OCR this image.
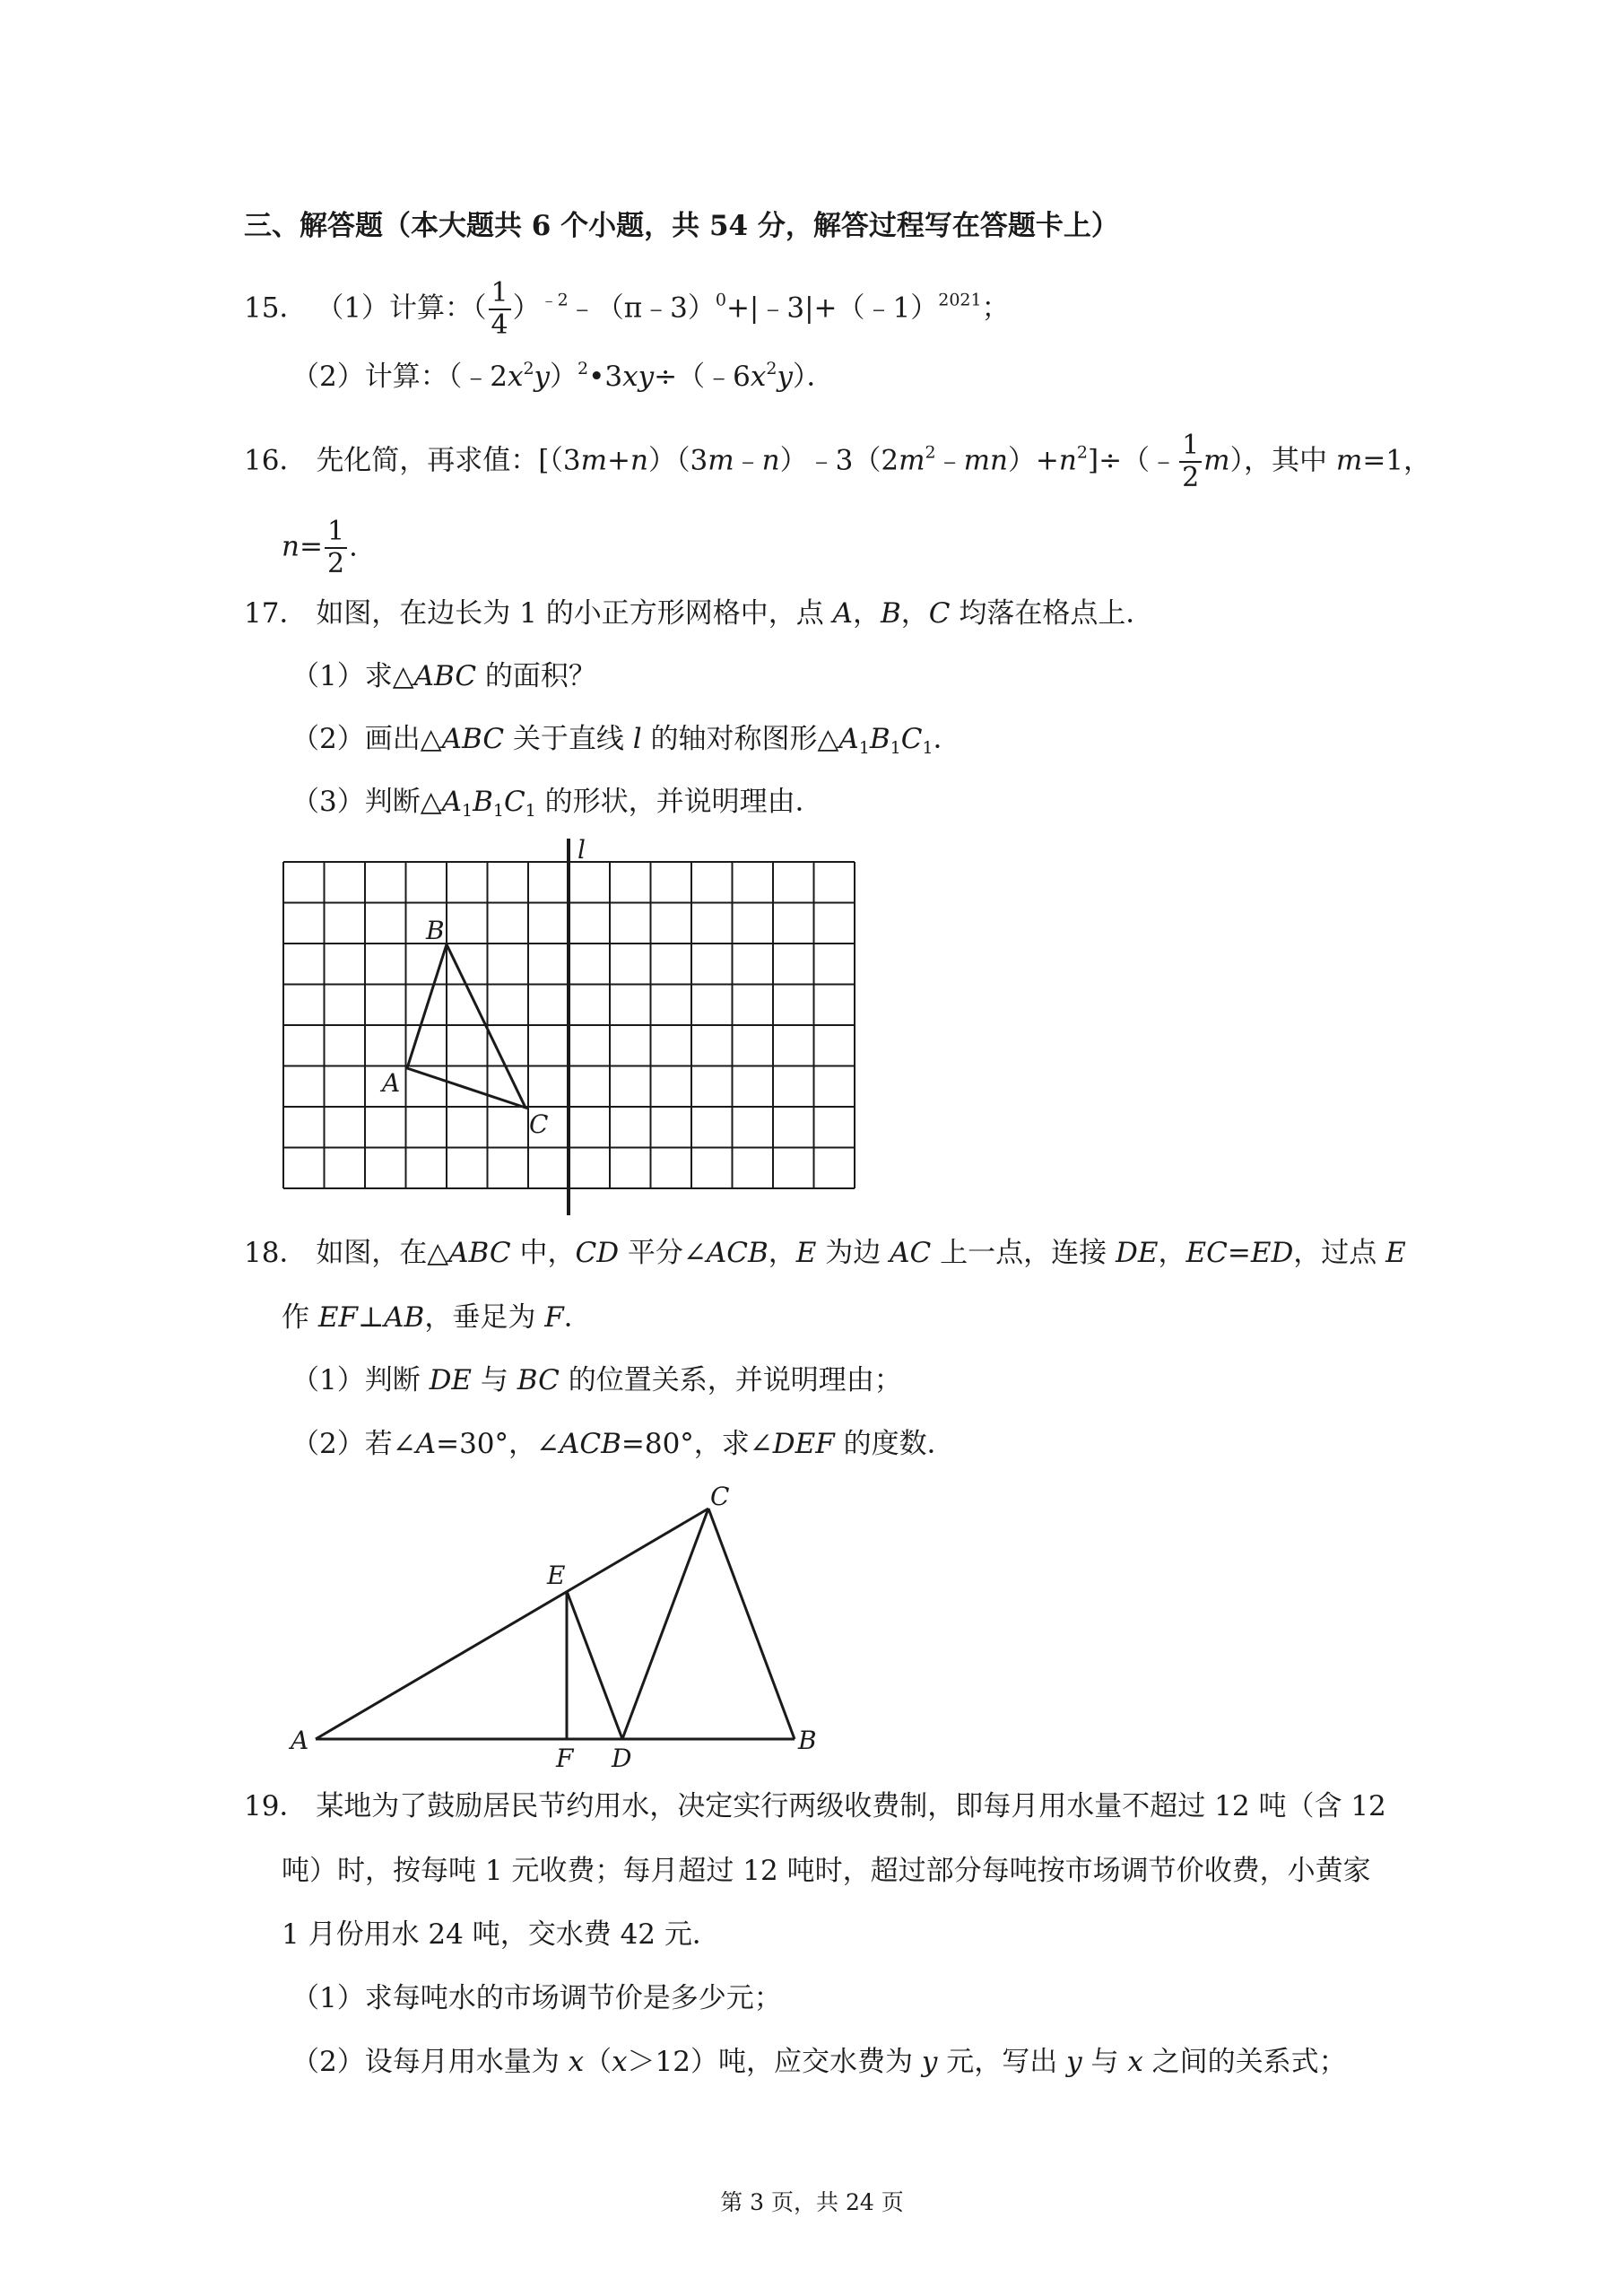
三、解答题（本大题共 6 个小题，共 54 分，解答过程写在答题卡上）
15． （1）计算：（ $\frac{1}{4}$ ）$^{﹣2}$﹣（π﹣3）$^0$+|﹣3|+（﹣1）$^{2021}$；
（2）计算：$(﹣2x^2y)^2•3xy\div(﹣6x^2y)$．
16． 先化简，再求值：$[(3m+n)(3m﹣n)﹣3(2m^2﹣mn)+n^2]\div(﹣ \frac{1}{2} m)$，其中 m=1，
$n= \frac{1}{2}$ .
17． 如图，在边长为 1 的小正方形网格中，点 A，B，C 均落在格点上．
（1）求△ABC 的面积？
（2）画出△ABC 关于直线 l 的轴对称图形$\triangle A_1B_1C_1$．
（3）判断$\triangle A_1B_1C_1$ 的形状，并说明理由．
l
B
A
C
18． 如图，在△ABC 中，CD 平分∠ACB，E 为边 AC 上一点，连接 DE，EC=ED，过点 E
作 EF⊥AB，垂足为 F．
（1）判断 DE 与 BC 的位置关系，并说明理由；
（2）若∠A=30°，∠ACB=80°，求∠DEF 的度数．
A	B
C
E
F D
19． 某地为了鼓励居民节约用水，决定实行两级收费制，即每月用水量不超过 12 吨（含 12
吨）时，按每吨 1 元收费；每月超过 12 吨时，超过部分每吨按市场调节价收费，小黄家
1 月份用水 24 吨，交水费 42 元．
（1）求每吨水的市场调节价是多少元；
（2）设每月用水量为 x（x＞12）吨，应交水费为 y 元，写出 y 与 x 之间的关系式；
第 3 页，共 24 页
